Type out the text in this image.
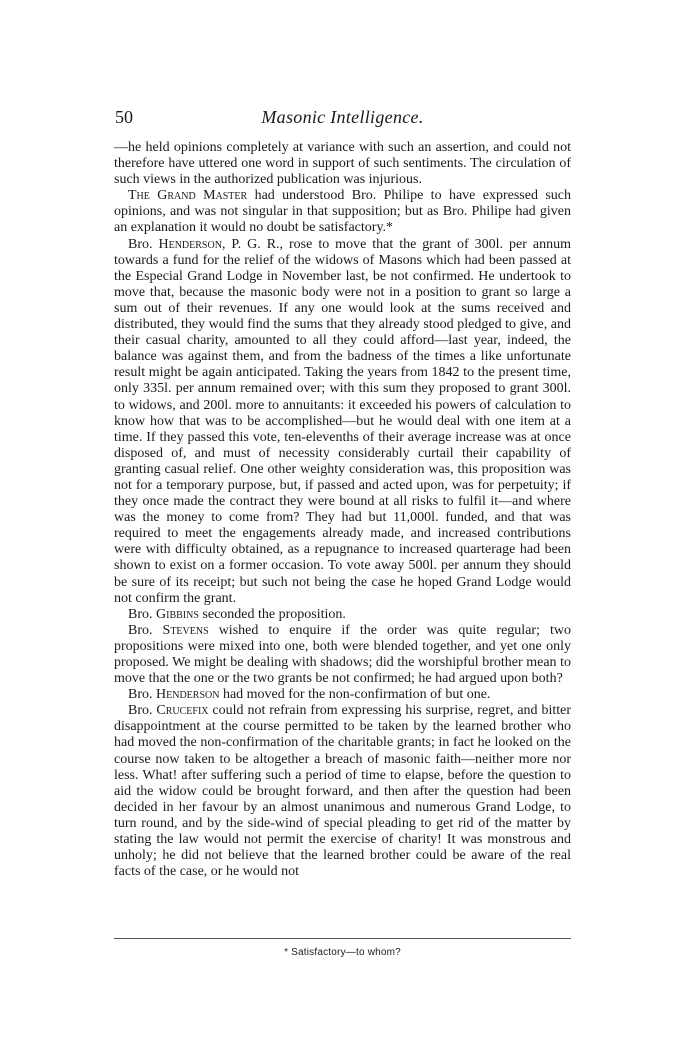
50	Masonic Intelligence.

—he held opinions completely at variance with such an assertion, and could not therefore have uttered one word in support of such sentiments. The circulation of such views in the authorized publication was injurious.

The Grand Master had understood Bro. Philipe to have expressed such opinions, and was not singular in that supposition; but as Bro. Philipe had given an explanation it would no doubt be satisfactory.*

Bro. Henderson, P. G. R., rose to move that the grant of 300l. per annum towards a fund for the relief of the widows of Masons which had been passed at the Especial Grand Lodge in November last, be not confirmed. He undertook to move that, because the masonic body were not in a position to grant so large a sum out of their revenues. If any one would look at the sums received and distributed, they would find the sums that they already stood pledged to give, and their casual charity, amounted to all they could afford—last year, indeed, the balance was against them, and from the badness of the times a like unfortunate result might be again anticipated. Taking the years from 1842 to the present time, only 335l. per annum remained over; with this sum they proposed to grant 300l. to widows, and 200l. more to annuitants: it exceeded his powers of calculation to know how that was to be accomplished—but he would deal with one item at a time. If they passed this vote, ten-elevenths of their average increase was at once disposed of, and must of necessity considerably curtail their capability of granting casual relief. One other weighty consideration was, this proposition was not for a temporary purpose, but, if passed and acted upon, was for perpetuity; if they once made the contract they were bound at all risks to fulfil it—and where was the money to come from? They had but 11,000l. funded, and that was required to meet the engagements already made, and increased contributions were with difficulty obtained, as a repugnance to increased quarterage had been shown to exist on a former occasion. To vote away 500l. per annum they should be sure of its receipt; but such not being the case he hoped Grand Lodge would not confirm the grant.

Bro. Gibbins seconded the proposition.

Bro. Stevens wished to enquire if the order was quite regular; two propositions were mixed into one, both were blended together, and yet one only proposed. We might be dealing with shadows; did the worshipful brother mean to move that the one or the two grants be not confirmed; he had argued upon both?

Bro. Henderson had moved for the non-confirmation of but one.

Bro. Crucefix could not refrain from expressing his surprise, regret, and bitter disappointment at the course permitted to be taken by the learned brother who had moved the non-confirmation of the charitable grants; in fact he looked on the course now taken to be altogether a breach of masonic faith—neither more nor less. What! after suffering such a period of time to elapse, before the question to aid the widow could be brought forward, and then after the question had been decided in her favour by an almost unanimous and numerous Grand Lodge, to turn round, and by the side-wind of special pleading to get rid of the matter by stating the law would not permit the exercise of charity! It was monstrous and unholy; he did not believe that the learned brother could be aware of the real facts of the case, or he would not

* Satisfactory—to whom?
